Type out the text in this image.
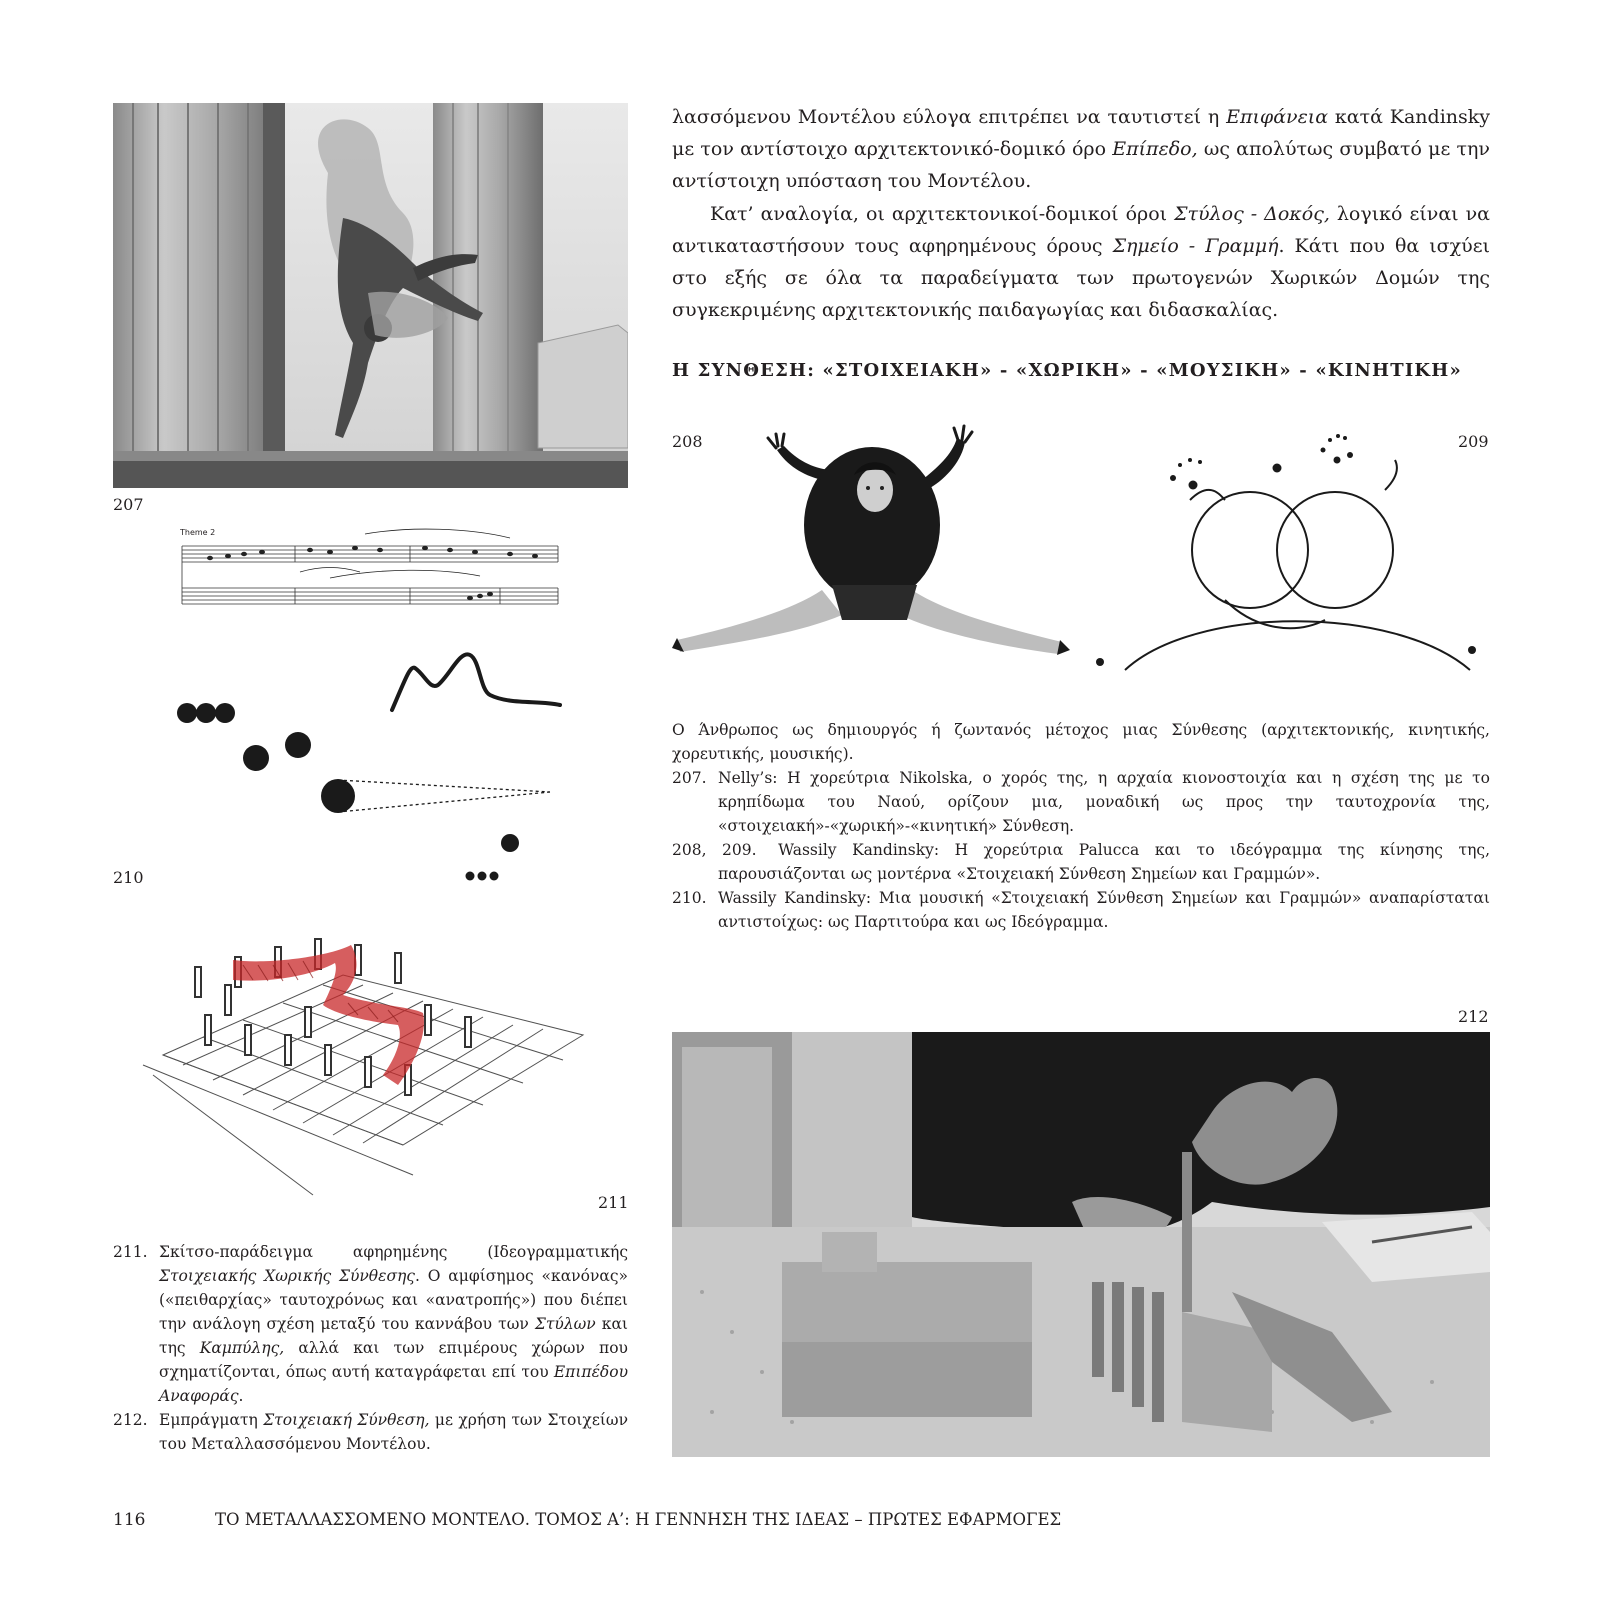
207
Theme 2
210
211
211. Σκίτσο-παράδειγμα αφηρημένης (Ιδεογραμματικής Στοιχειακής Χωρικής Σύνθεσης. Ο αμφίσημος «κανόνας» («πειθαρχίας» ταυτοχρόνως και «ανατροπής») που διέπει την ανάλογη σχέση μεταξύ του καννάβου των Στύλων και της Καμπύλης, αλλά και των επιμέρους χώρων που σχηματίζονται, όπως αυτή καταγράφεται επί του Επιπέδου Αναφοράς.
212. Εμπράγματη Στοιχειακή Σύνθεση, με χρήση των Στοιχείων του Μεταλλασσόμενου Μοντέλου.

λασσόμενου Μοντέλου εύλογα επιτρέπει να ταυτιστεί η Επιφάνεια κατά Kandinsky με τον αντίστοιχο αρχιτεκτονικό-δομικό όρο Επίπεδο, ως απολύτως συμβατό με την αντίστοιχη υπόσταση του Μοντέλου.

Κατ’ αναλογία, οι αρχιτεκτονικοί-δομικοί όροι Στύλος - Δοκός, λογικό είναι να αντικαταστήσουν τους αφηρημένους όρους Σημείο - Γραμμή. Κάτι που θα ισχύει στο εξής σε όλα τα παραδείγματα των πρωτογενών Χωρικών Δομών της συγκεκριμένης αρχιτεκτονικής παιδαγωγίας και διδασκαλίας.

Η ΣΥΝΘΕΣΗ: «ΣΤΟΙΧΕΙΑΚΗ» - «ΧΩΡΙΚΗ» - «ΜΟΥΣΙΚΗ» - «ΚΙΝΗΤΙΚΗ»
208	209
Ο Άνθρωπος ως δημιουργός ή ζωντανός μέτοχος μιας Σύνθεσης (αρχιτεκτονικής, κινητικής, χορευτικής, μουσικής).
207. Nelly’s: Η χορεύτρια Nikolska, ο χορός της, η αρχαία κιονοστοιχία και η σχέση της με το κρηπίδωμα του Ναού, ορίζουν μια, μοναδική ως προς την ταυτοχρονία της, «στοιχειακή»-«χωρική»-«κινητική» Σύνθεση.
208, 209. Wassily Kandinsky: Η χορεύτρια Palucca και το ιδεόγραμμα της κίνησης της, παρουσιάζονται ως μοντέρνα «Στοιχειακή Σύνθεση Σημείων και Γραμμών».
210. Wassily Kandinsky: Μια μουσική «Στοιχειακή Σύνθεση Σημείων και Γραμμών» αναπαρίσταται αντιστοίχως: ως Παρτιτούρα και ως Ιδεόγραμμα.
212
116	ΤΟ ΜΕΤΑΛΛΑΣΣΟΜΕΝΟ ΜΟΝΤΕΛΟ. ΤΟΜΟΣ Α’: Η ΓΕΝΝΗΣΗ ΤΗΣ ΙΔΕΑΣ – ΠΡΩΤΕΣ ΕΦΑΡΜΟΓΕΣ
